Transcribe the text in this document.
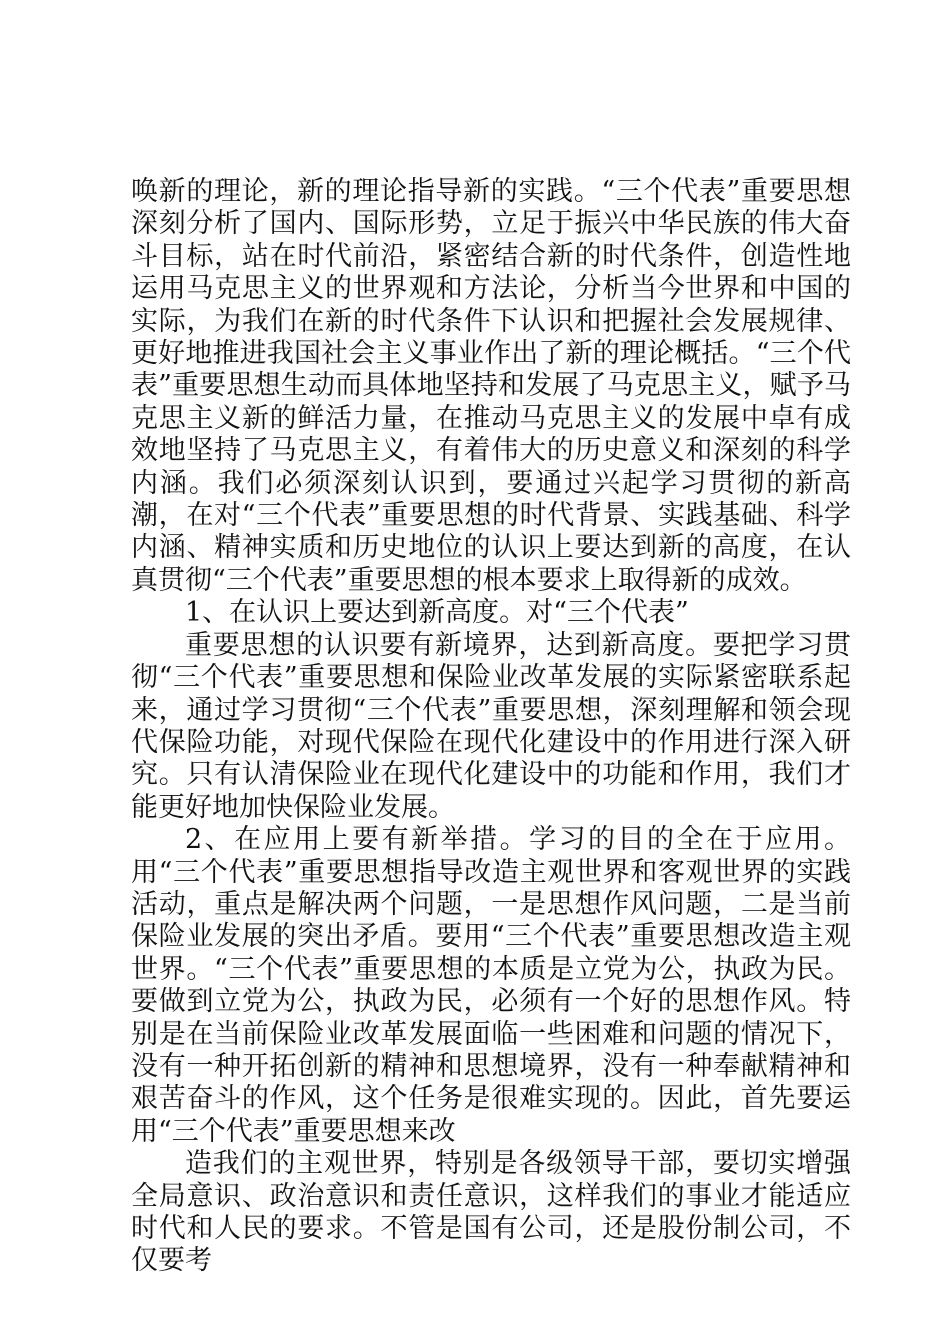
唤新的理论，新的理论指导新的实践。“三个代表”重要思想深刻分析了国内、国际形势，立足于振兴中华民族的伟大奋斗目标，站在时代前沿，紧密结合新的时代条件，创造性地运用马克思主义的世界观和方法论，分析当今世界和中国的实际，为我们在新的时代条件下认识和把握社会发展规律、更好地推进我国社会主义事业作出了新的理论概括。“三个代表”重要思想生动而具体地坚持和发展了马克思主义，赋予马克思主义新的鲜活力量，在推动马克思主义的发展中卓有成效地坚持了马克思主义，有着伟大的历史意义和深刻的科学内涵。我们必须深刻认识到，要通过兴起学习贯彻的新高潮，在对“三个代表”重要思想的时代背景、实践基础、科学内涵、精神实质和历史地位的认识上要达到新的高度，在认真贯彻“三个代表”重要思想的根本要求上取得新的成效。

1、在认识上要达到新高度。对“三个代表”

重要思想的认识要有新境界，达到新高度。要把学习贯彻“三个代表”重要思想和保险业改革发展的实际紧密联系起来，通过学习贯彻“三个代表”重要思想，深刻理解和领会现代保险功能，对现代保险在现代化建设中的作用进行深入研究。只有认清保险业在现代化建设中的功能和作用，我们才能更好地加快保险业发展。

2、在应用上要有新举措。学习的目的全在于应用。用“三个代表”重要思想指导改造主观世界和客观世界的实践活动，重点是解决两个问题，一是思想作风问题，二是当前保险业发展的突出矛盾。要用“三个代表”重要思想改造主观世界。“三个代表”重要思想的本质是立党为公，执政为民。要做到立党为公，执政为民，必须有一个好的思想作风。特别是在当前保险业改革发展面临一些困难和问题的情况下，没有一种开拓创新的精神和思想境界，没有一种奉献精神和艰苦奋斗的作风，这个任务是很难实现的。因此，首先要运用“三个代表”重要思想来改

造我们的主观世界，特别是各级领导干部，要切实增强全局意识、政治意识和责任意识，这样我们的事业才能适应时代和人民的要求。不管是国有公司，还是股份制公司，不仅要考
